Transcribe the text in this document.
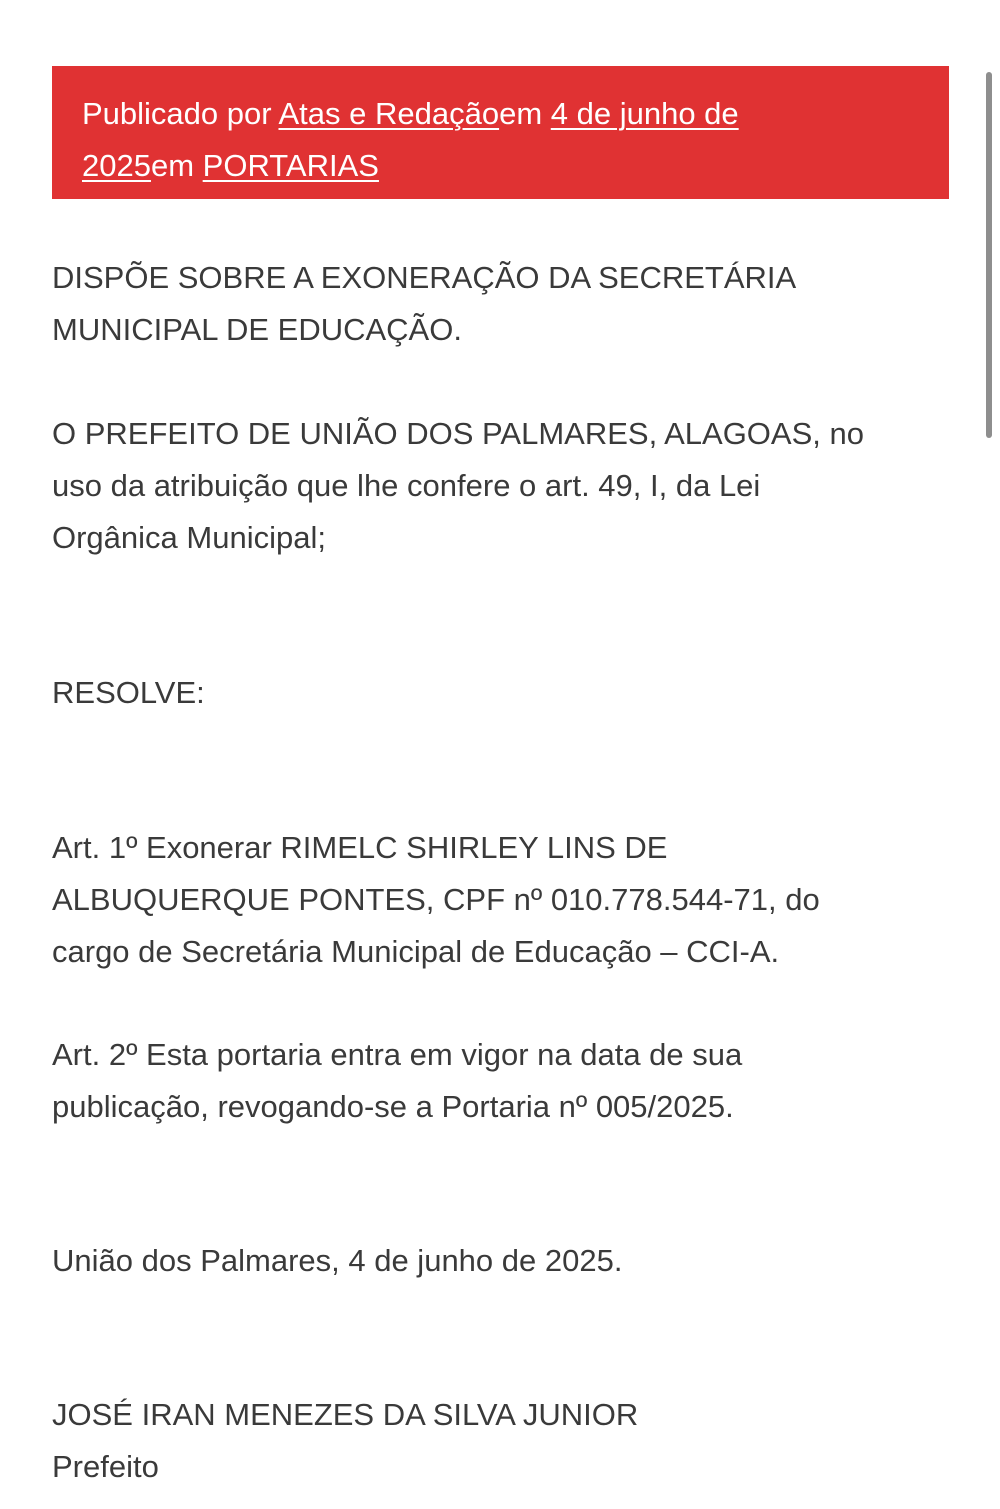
Publicado por Atas e Redaçãoem 4 de junho de
2025em PORTARIAS

DISPÕE SOBRE A EXONERAÇÃO DA SECRETÁRIA

MUNICIPAL DE EDUCAÇÃO.

O PREFEITO DE UNIÃO DOS PALMARES, ALAGOAS, no

uso da atribuição que lhe confere o art. 49, I, da Lei

Orgânica Municipal;

RESOLVE:

Art. 1º Exonerar RIMELC SHIRLEY LINS DE

ALBUQUERQUE PONTES, CPF nº 010.778.544-71, do

cargo de Secretária Municipal de Educação – CCI-A.

Art. 2º Esta portaria entra em vigor na data de sua

publicação, revogando-se a Portaria nº 005/2025.

União dos Palmares, 4 de junho de 2025.

JOSÉ IRAN MENEZES DA SILVA JUNIOR

Prefeito
